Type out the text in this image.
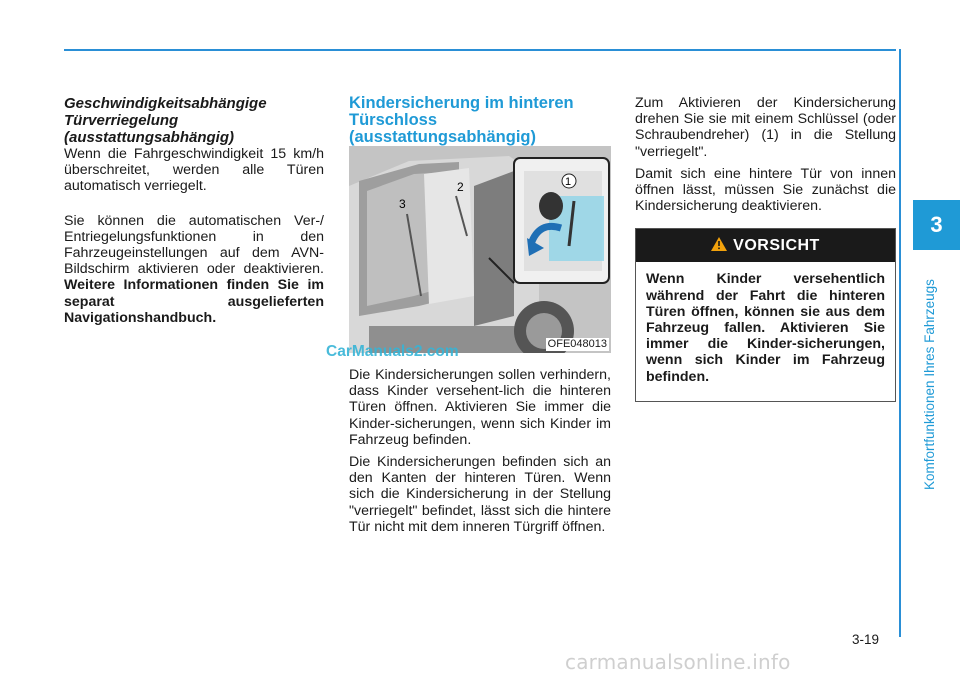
3
Komfortfunktionen Ihres Fahrzeugs

Geschwindigkeitsabhängige Türverriegelung (ausstattungsabhängig)

Wenn die Fahrgeschwindigkeit 15 km/h überschreitet, werden alle Türen automatisch verriegelt.

Sie können die automatischen Ver-/ Entriegelungsfunktionen in den Fahrzeugeinstellungen auf dem AVN-Bildschirm aktivieren oder deaktivieren. Weitere Informationen finden Sie im separat ausgelieferten Navigationshandbuch.

Kindersicherung im hinteren Türschloss (ausstattungsabhängig)

1
2
3
OFE048013

Die Kindersicherungen sollen verhindern, dass Kinder versehent-lich die hinteren Türen öffnen. Aktivieren Sie immer die Kinder-sicherungen, wenn sich Kinder im Fahrzeug befinden.

Die Kindersicherungen befinden sich an den Kanten der hinteren Türen. Wenn sich die Kindersicherung in der Stellung "verriegelt" befindet, lässt sich die hintere Tür nicht mit dem inneren Türgriff öffnen.

Zum Aktivieren der Kindersicherung drehen Sie sie mit einem Schlüssel (oder Schraubendreher) (1) in die Stellung "verriegelt".

Damit sich eine hintere Tür von innen öffnen lässt, müssen Sie zunächst die Kindersicherung deaktivieren.

VORSICHT
Wenn Kinder versehentlich während der Fahrt die hinteren Türen öffnen, können sie aus dem Fahrzeug fallen. Aktivieren Sie immer die Kinder-sicherungen, wenn sich Kinder im Fahrzeug befinden.
CarManuals2.com
3-19
carmanualsonline.info
